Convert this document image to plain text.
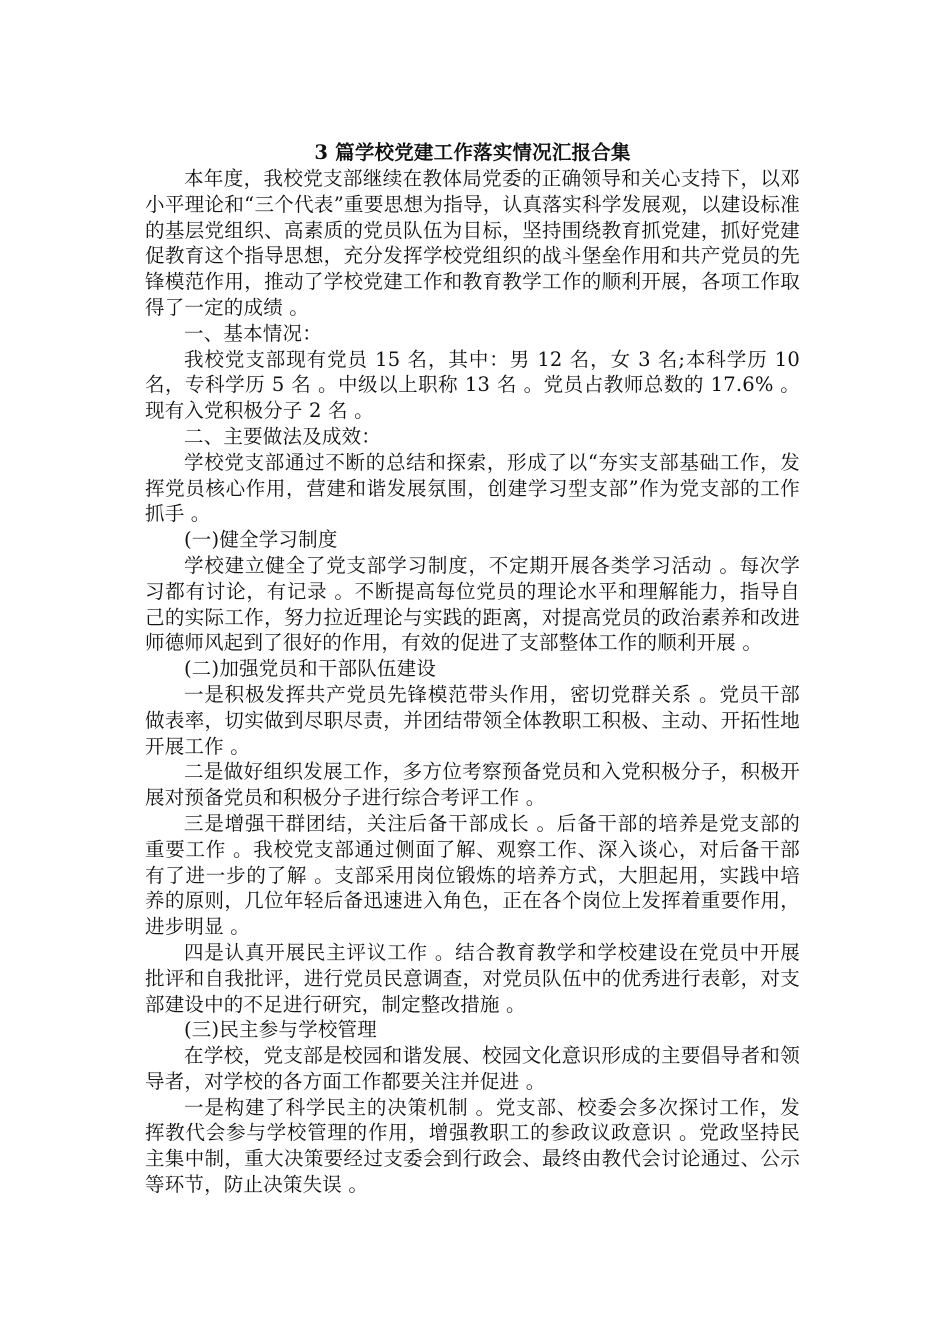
3 篇学校党建工作落实情况汇报合集

本年度，我校党支部继续在教体局党委的正确领导和关心支持下，以邓小平理论和“三个代表”重要思想为指导，认真落实科学发展观，以建设标准的基层党组织、高素质的党员队伍为目标，坚持围绕教育抓党建，抓好党建促教育这个指导思想，充分发挥学校党组织的战斗堡垒作用和共产党员的先锋模范作用，推动了学校党建工作和教育教学工作的顺利开展，各项工作取得了一定的成绩 。

一、基本情况：

我校党支部现有党员 15 名，其中：男 12 名，女 3 名;本科学历 10 名，专科学历 5 名 。中级以上职称 13 名 。党员占教师总数的 17.6% 。现有入党积极分子 2 名 。

二、主要做法及成效：

学校党支部通过不断的总结和探索，形成了以“夯实支部基础工作，发挥党员核心作用，营建和谐发展氛围，创建学习型支部”作为党支部的工作抓手 。

(一)健全学习制度

学校建立健全了党支部学习制度，不定期开展各类学习活动 。每次学习都有讨论，有记录 。不断提高每位党员的理论水平和理解能力，指导自己的实际工作，努力拉近理论与实践的距离，对提高党员的政治素养和改进师德师风起到了很好的作用，有效的促进了支部整体工作的顺利开展 。

(二)加强党员和干部队伍建设

一是积极发挥共产党员先锋模范带头作用，密切党群关系 。党员干部做表率，切实做到尽职尽责，并团结带领全体教职工积极、主动、开拓性地开展工作 。

二是做好组织发展工作，多方位考察预备党员和入党积极分子，积极开展对预备党员和积极分子进行综合考评工作 。

三是增强干群团结，关注后备干部成长 。后备干部的培养是党支部的重要工作 。我校党支部通过侧面了解、观察工作、深入谈心，对后备干部有了进一步的了解 。支部采用岗位锻炼的培养方式，大胆起用，实践中培养的原则，几位年轻后备迅速进入角色，正在各个岗位上发挥着重要作用，进步明显 。

四是认真开展民主评议工作 。结合教育教学和学校建设在党员中开展批评和自我批评，进行党员民意调查，对党员队伍中的优秀进行表彰，对支部建设中的不足进行研究，制定整改措施 。

(三)民主参与学校管理

在学校，党支部是校园和谐发展、校园文化意识形成的主要倡导者和领导者，对学校的各方面工作都要关注并促进 。

一是构建了科学民主的决策机制 。党支部、校委会多次探讨工作，发挥教代会参与学校管理的作用，增强教职工的参政议政意识 。党政坚持民主集中制，重大决策要经过支委会到行政会、最终由教代会讨论通过、公示等环节，防止决策失误 。
